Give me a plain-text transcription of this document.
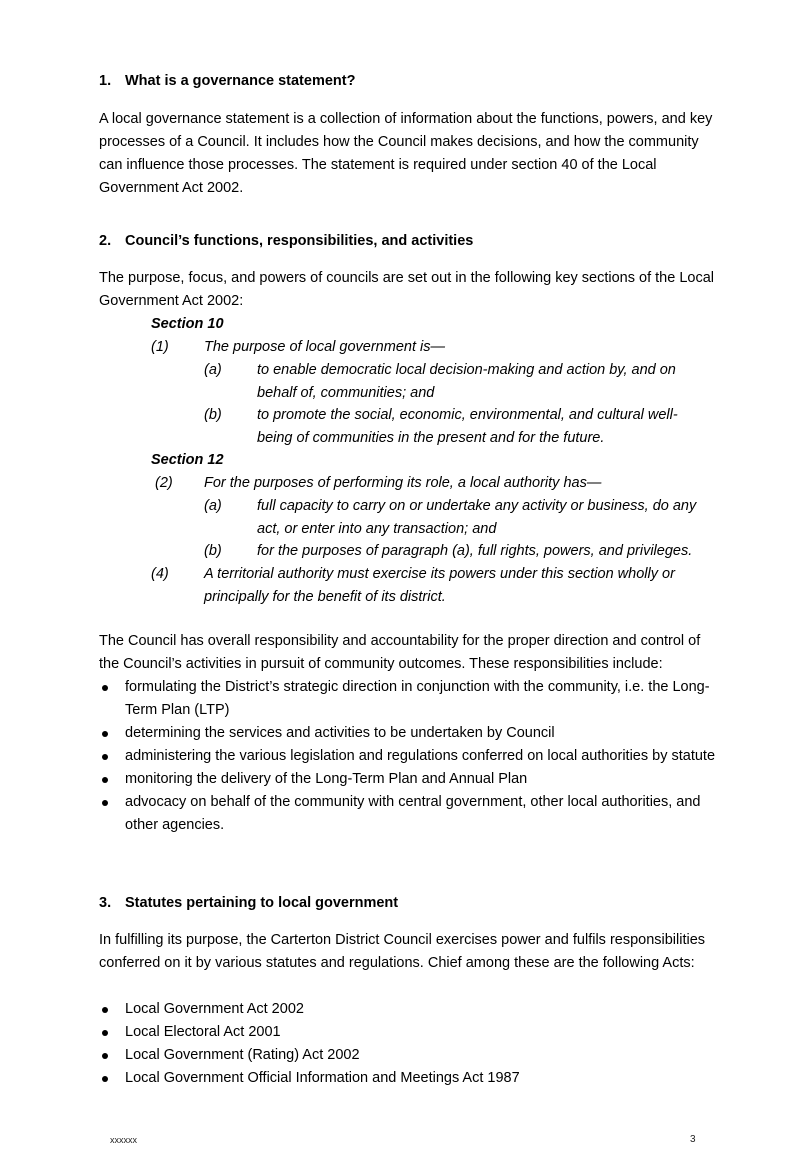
1. What is a governance statement?
A local governance statement is a collection of information about the functions, powers, and key processes of a Council. It includes how the Council makes decisions, and how the community can influence those processes. The statement is required under section 40 of the Local Government Act 2002.
2. Council’s functions, responsibilities, and activities
The purpose, focus, and powers of councils are set out in the following key sections of the Local Government Act 2002:
Section 10
(1) The purpose of local government is—
(a) to enable democratic local decision-making and action by, and on behalf of, communities; and
(b) to promote the social, economic, environmental, and cultural well-being of communities in the present and for the future.
Section 12
(2) For the purposes of performing its role, a local authority has—
(a) full capacity to carry on or undertake any activity or business, do any act, or enter into any transaction; and
(b) for the purposes of paragraph (a), full rights, powers, and privileges.
(4) A territorial authority must exercise its powers under this section wholly or principally for the benefit of its district.
The Council has overall responsibility and accountability for the proper direction and control of the Council’s activities in pursuit of community outcomes. These responsibilities include:
formulating the District’s strategic direction in conjunction with the community, i.e. the Long-Term Plan (LTP)
determining the services and activities to be undertaken by Council
administering the various legislation and regulations conferred on local authorities by statute
monitoring the delivery of the Long-Term Plan and Annual Plan
advocacy on behalf of the community with central government, other local authorities, and other agencies.
3. Statutes pertaining to local government
In fulfilling its purpose, the Carterton District Council exercises power and fulfils responsibilities conferred on it by various statutes and regulations. Chief among these are the following Acts:
Local Government Act 2002
Local Electoral Act 2001
Local Government (Rating) Act 2002
Local Government Official Information and Meetings Act 1987
xxxxxx	3
